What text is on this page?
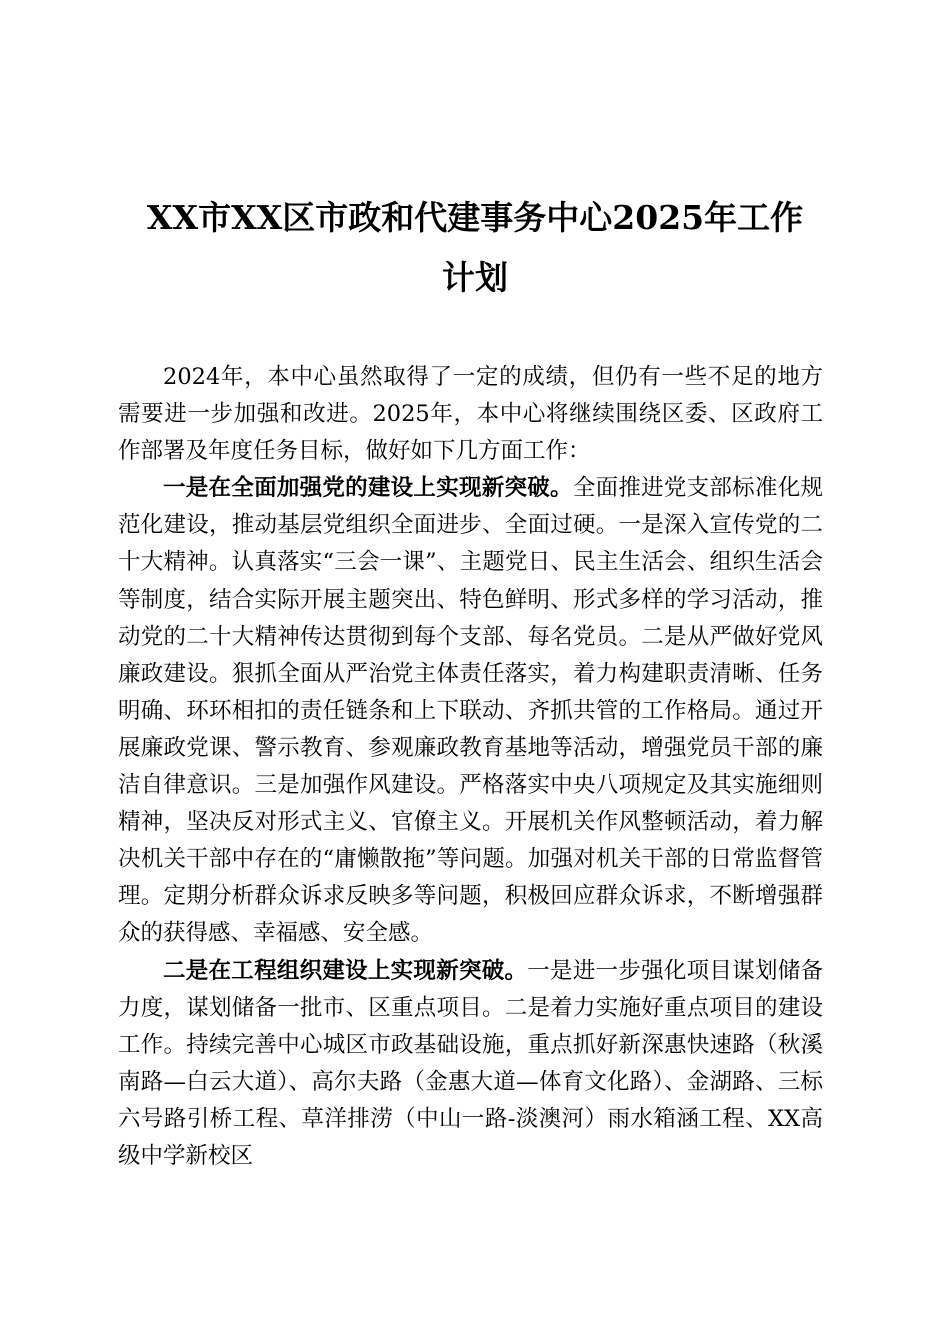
XX市XX区市政和代建事务中心2025年工作
计划

2024年，本中心虽然取得了一定的成绩，但仍有一些不足的地方需要进一步加强和改进。2025年，本中心将继续围绕区委、区政府工作部署及年度任务目标，做好如下几方面工作：

一是在全面加强党的建设上实现新突破。全面推进党支部标准化规范化建设，推动基层党组织全面进步、全面过硬。一是深入宣传党的二十大精神。认真落实“三会一课”、主题党日、民主生活会、组织生活会等制度，结合实际开展主题突出、特色鲜明、形式多样的学习活动，推动党的二十大精神传达贯彻到每个支部、每名党员。二是从严做好党风廉政建设。狠抓全面从严治党主体责任落实，着力构建职责清晰、任务明确、环环相扣的责任链条和上下联动、齐抓共管的工作格局。通过开展廉政党课、警示教育、参观廉政教育基地等活动，增强党员干部的廉洁自律意识。三是加强作风建设。严格落实中央八项规定及其实施细则精神，坚决反对形式主义、官僚主义。开展机关作风整顿活动，着力解决机关干部中存在的“庸懒散拖”等问题。加强对机关干部的日常监督管理。定期分析群众诉求反映多等问题，积极回应群众诉求，不断增强群众的获得感、幸福感、安全感。

二是在工程组织建设上实现新突破。一是进一步强化项目谋划储备力度，谋划储备一批市、区重点项目。二是着力实施好重点项目的建设工作。持续完善中心城区市政基础设施，重点抓好新深惠快速路（秋溪南路—白云大道）、高尔夫路（金惠大道—体育文化路）、金湖路、三标六号路引桥工程、草洋排涝（中山一路-淡澳河）雨水箱涵工程、XX高级中学新校区
